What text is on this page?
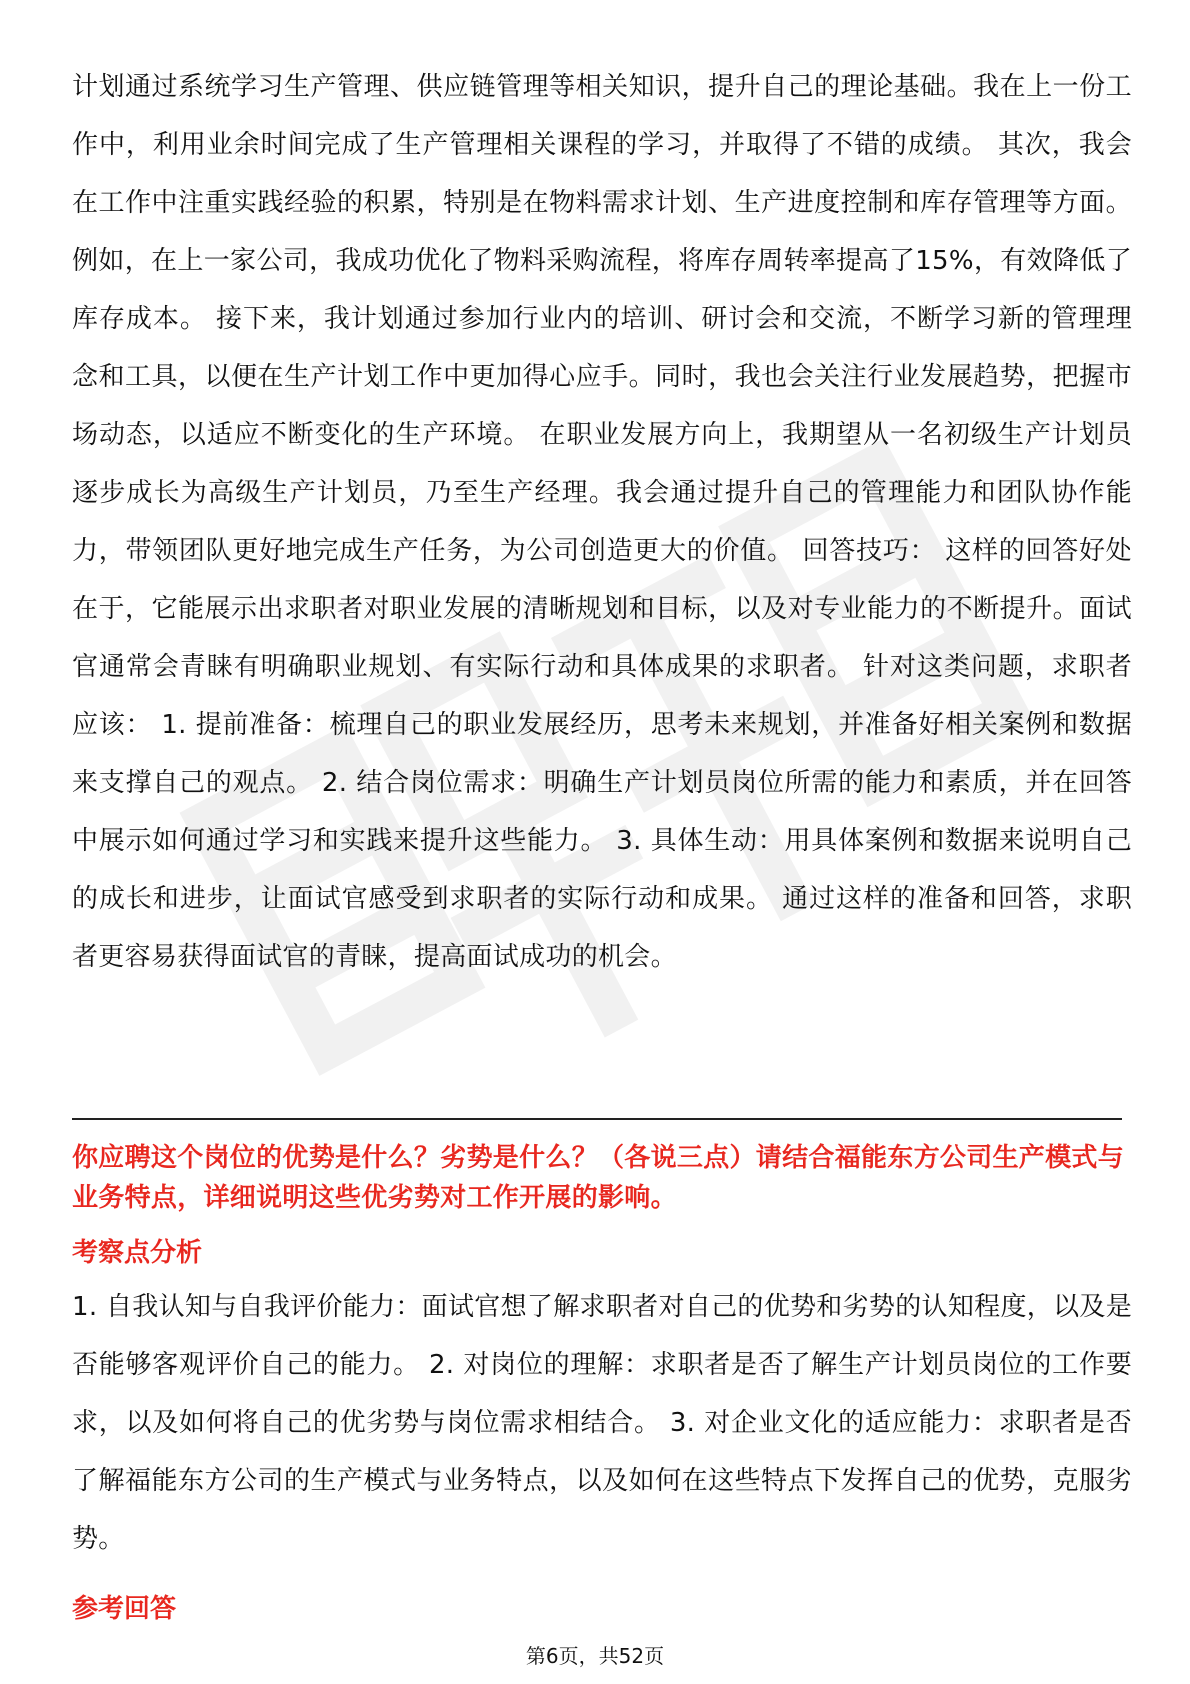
计划通过系统学习生产管理、供应链管理等相关知识，提升自己的理论基础。我在上一份工作中，利用业余时间完成了生产管理相关课程的学习，并取得了不错的成绩。 其次，我会在工作中注重实践经验的积累，特别是在物料需求计划、生产进度控制和库存管理等方面。例如，在上一家公司，我成功优化了物料采购流程，将库存周转率提高了15%，有效降低了库存成本。 接下来，我计划通过参加行业内的培训、研讨会和交流，不断学习新的管理理念和工具，以便在生产计划工作中更加得心应手。同时，我也会关注行业发展趋势，把握市场动态，以适应不断变化的生产环境。 在职业发展方向上，我期望从一名初级生产计划员逐步成长为高级生产计划员，乃至生产经理。我会通过提升自己的管理能力和团队协作能力，带领团队更好地完成生产任务，为公司创造更大的价值。 回答技巧： 这样的回答好处在于，它能展示出求职者对职业发展的清晰规划和目标，以及对专业能力的不断提升。面试官通常会青睐有明确职业规划、有实际行动和具体成果的求职者。 针对这类问题，求职者应该： 1. 提前准备：梳理自己的职业发展经历，思考未来规划，并准备好相关案例和数据来支撑自己的观点。 2. 结合岗位需求：明确生产计划员岗位所需的能力和素质，并在回答中展示如何通过学习和实践来提升这些能力。 3. 具体生动：用具体案例和数据来说明自己的成长和进步，让面试官感受到求职者的实际行动和成果。 通过这样的准备和回答，求职者更容易获得面试官的青睐，提高面试成功的机会。

你应聘这个岗位的优势是什么？劣势是什么？（各说三点）请结合福能东方公司生产模式与业务特点，详细说明这些优劣势对工作开展的影响。

考察点分析

1. 自我认知与自我评价能力：面试官想了解求职者对自己的优势和劣势的认知程度，以及是否能够客观评价自己的能力。 2. 对岗位的理解：求职者是否了解生产计划员岗位的工作要求，以及如何将自己的优劣势与岗位需求相结合。 3. 对企业文化的适应能力：求职者是否了解福能东方公司的生产模式与业务特点，以及如何在这些特点下发挥自己的优势，克服劣势。

参考回答
第6页，共52页
